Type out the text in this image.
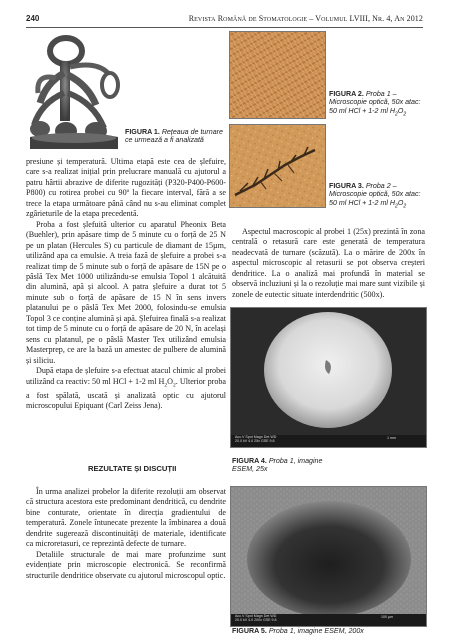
240	Revista Română de Stomatologie – Volumul LVIII, Nr. 4, An 2012
FIGURA 1. Rețeaua de turnare ce urmează a fi analizată
FIGURA 2. Proba 1 – Microscopie optică, 50x atac: 50 ml HCl + 1-2 ml $H_2O_2$
FIGURA 3. Proba 2 – Microscopie optică, 50x atac: 50 ml HCl + 1-2 ml $H_2O_2$

presiune și temperatură. Ultima etapă este cea de șlefuire, care s-a realizat inițial prin prelucrare manuală cu ajutorul a patru hârtii abrazive de diferite rugozități (P320-P400-P600-P800) cu rotirea probei cu 90º la fiecare interval, fără a se trece la etapa următoare până când nu s-au eliminat complet zgârieturile de la etapa precedentă.

Proba a fost șlefuită ulterior cu aparatul Pheonix Beta (Buehler), prin apăsare timp de 5 minute cu o forță de 25 N pe un platan (Hercules S) cu particule de diamant de 15µm, utilizând apa ca emulsie. A treia fază de șlefuire a probei s-a realizat timp de 5 minute sub o forță de apăsare de 15N pe o pâslă Tex Met 1000 utilizându-se emulsia Topol 1 alcătuită din alumină, apă și alcool. A patra șlefuire a durat tot 5 minute sub o forță de apăsare de 15 N în sens invers platanului pe o pâslă Tex Met 2000, folosindu-se emulsia Topol 3 ce conține alumină și apă. Șlefuirea finală s-a realizat tot timp de 5 minute cu o forță de apăsare de 20 N, în același sens cu platanul, pe o pâslă Master Tex utilizând emulsia Masterprep, ce are la bază un amestec de pulbere de alumină și siliciu.

După etapa de șlefuire s-a efectuat atacul chimic al probei utilizând ca reactiv: 50 ml HCl + 1-2 ml $H_2O_2$. Ulterior proba a fost spălată, uscată și analizată optic cu ajutorul microscopului Epiquant (Carl Zeiss Jena).

REZULTATE ȘI DISCUȚII

În urma analizei probelor la diferite rezoluții am observat că structura acestora este predominant dendritică, cu dendrite bine conturate, orientate în direcția gradientului de temperatură. Zonele întunecate prezente la îmbinarea a două dendrite sugerează discontinuități de materiale, identificate ca microretasuri, ce reprezintă defecte de turnare.

Detaliile structurale de mai mare profunzime sunt evidențiate prin microscopie electronică. Se reconfirmă structurile dendritice observate cu ajutorul microscopul optic.

Aspectul macroscopic al probei 1 (25x) prezintă în zona centrală o retasură care este generată de temperatura neadecvată de turnare (scăzută). La o mărire de 200x în aspectul microscopic al retasurii se pot observa creșteri dendritice. La o analiză mai profundă în material se observă incluziuni și la o rezoluție mai mare sunt vizibile și zonele de eutectic situate interdendritic (500x).

Acc.V Spot Magn Det WD
20.0 kV 4.0 25x GSE 9.8
1 mm
FIGURA 4. Proba 1, imagine ESEM, 25x
Acc.V Spot Magn Det WD
20.0 kV 4.0 200x GSE 9.8
100 µm
FIGURA 5. Proba 1, imagine ESEM, 200x
